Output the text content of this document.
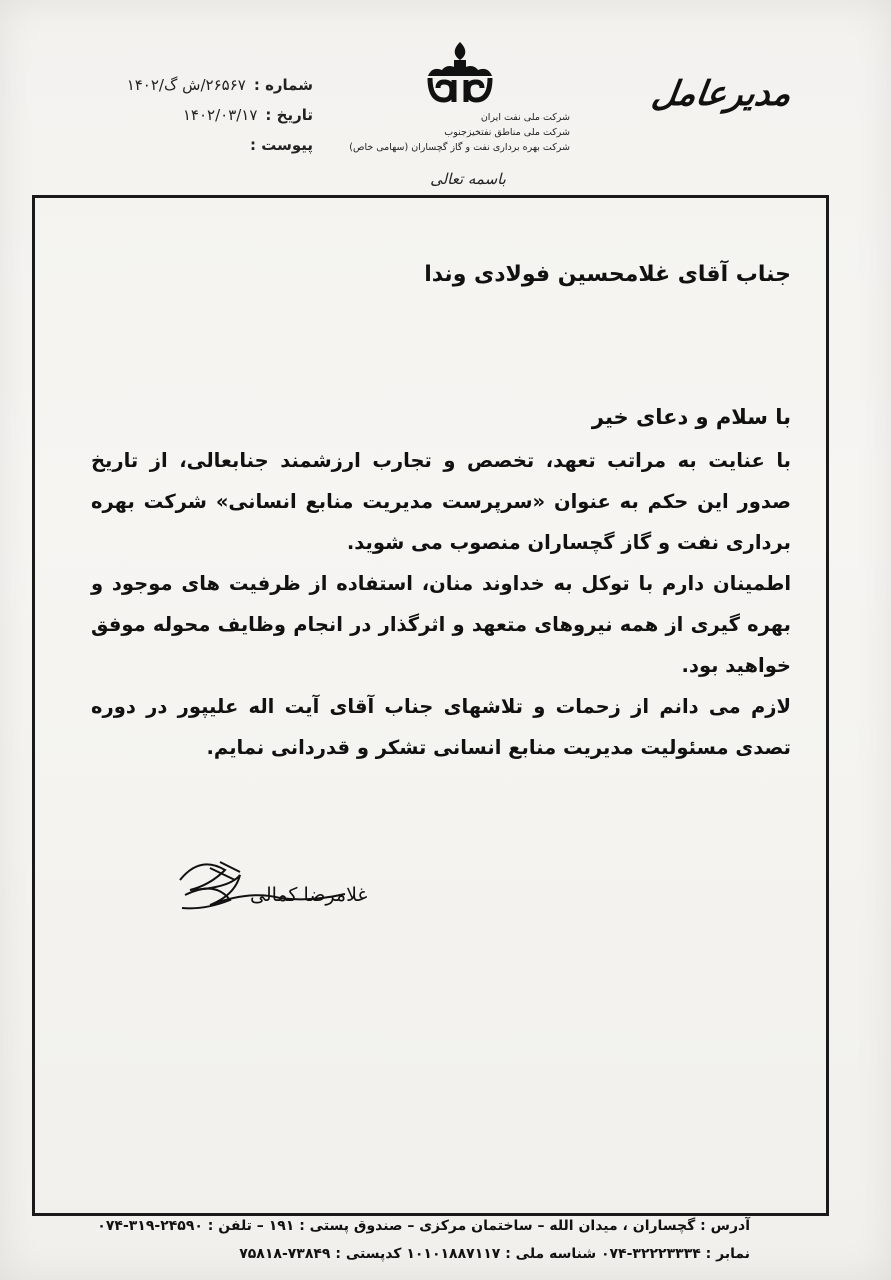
مدیرعامل
شرکت ملی نفت ایران
شرکت ملی مناطق نفتخیزجنوب
شرکت بهره برداری نفت و گاز گچساران (سهامی خاص)
باسمه تعالی
شماره :
۲۶۵۶۷/ش گ/۱۴۰۲
تاریخ :
۱۴۰۲/۰۳/۱۷
پیوست :
جناب آقای غلامحسین فولادی وندا
با سلام و دعای خیر

با عنایت به مراتب تعهد، تخصص و تجارب ارزشمند جنابعالی، از تاریخ صدور این حکم به عنوان «سرپرست مدیریت منابع انسانی» شرکت بهره برداری نفت و گاز گچساران منصوب می شوید.

اطمینان دارم با توکل به خداوند منان، استفاده از ظرفیت های موجود و بهره گیری از همه نیروهای متعهد و اثرگذار در انجام وظایف محوله موفق خواهید بود.

لازم می دانم از زحمات و تلاشهای جناب آقای آیت اله علیپور در دوره تصدی مسئولیت مدیریت منابع انسانی تشکر و قدردانی نمایم.

غلامرضا کمالی
آدرس : گچساران ، میدان الله – ساختمان مرکزی – صندوق پستی : ۱۹۱ – تلفن : ۲۴۵۹۰-۳۱۹-۰۷۴
نمابر : ۳۲۲۲۳۳۳۴-۰۷۴ شناسه ملی : ۱۰۱۰۱۸۸۷۱۱۷ کدپستی : ۷۳۸۴۹-۷۵۸۱۸
